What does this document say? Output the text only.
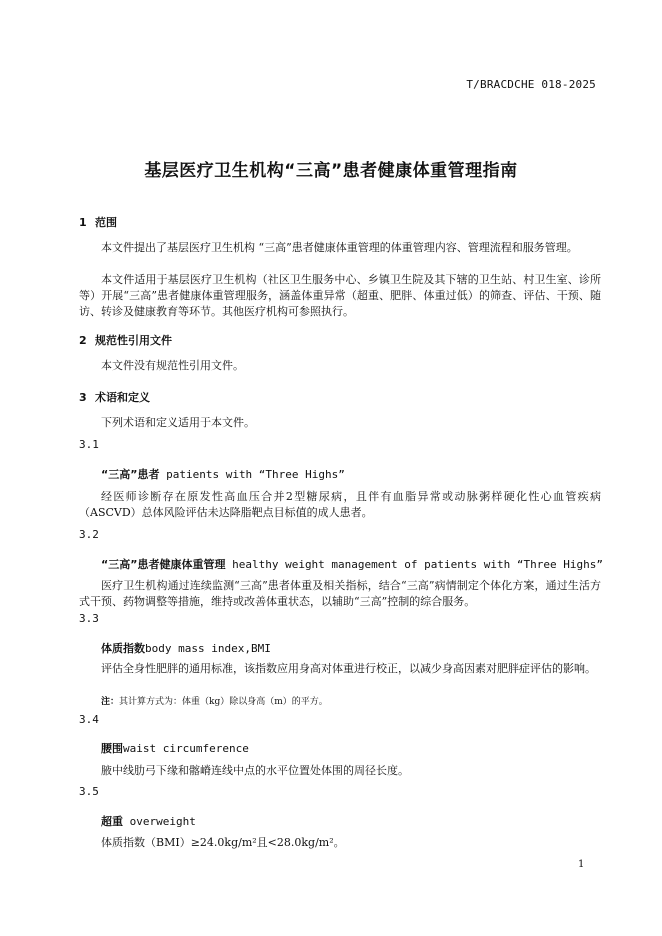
T/BRACDCHE 018-2025
基层医疗卫生机构“三高”患者健康体重管理指南
1 范围
本文件提出了基层医疗卫生机构 “三高”患者健康体重管理的体重管理内容、管理流程和服务管理。
本文件适用于基层医疗卫生机构（社区卫生服务中心、乡镇卫生院及其下辖的卫生站、村卫生室、诊所等）开展“三高”患者健康体重管理服务，涵盖体重异常（超重、肥胖、体重过低）的筛查、评估、干预、随访、转诊及健康教育等环节。其他医疗机构可参照执行。
2 规范性引用文件
本文件没有规范性引用文件。
3 术语和定义
下列术语和定义适用于本文件。
3.1
“三高”患者 patients with “Three Highs”
经医师诊断存在原发性高血压合并2型糖尿病，且伴有血脂异常或动脉粥样硬化性心血管疾病（ASCVD）总体风险评估未达降脂靶点目标值的成人患者。
3.2
“三高”患者健康体重管理 healthy weight management of patients with “Three Highs”
医疗卫生机构通过连续监测“三高”患者体重及相关指标，结合“三高”病情制定个体化方案，通过生活方式干预、药物调整等措施，维持或改善体重状态，以辅助“三高”控制的综合服务。
3.3
体质指数body mass index,BMI
评估全身性肥胖的通用标准，该指数应用身高对体重进行校正，以减少身高因素对肥胖症评估的影响。
注：其计算方式为：体重（kg）除以身高（m）的平方。
3.4
腰围waist circumference
腋中线肋弓下缘和髂嵴连线中点的水平位置处体围的周径长度。
3.5
超重 overweight
体质指数（BMI）≥24.0kg/m²且<28.0kg/m²。
1
